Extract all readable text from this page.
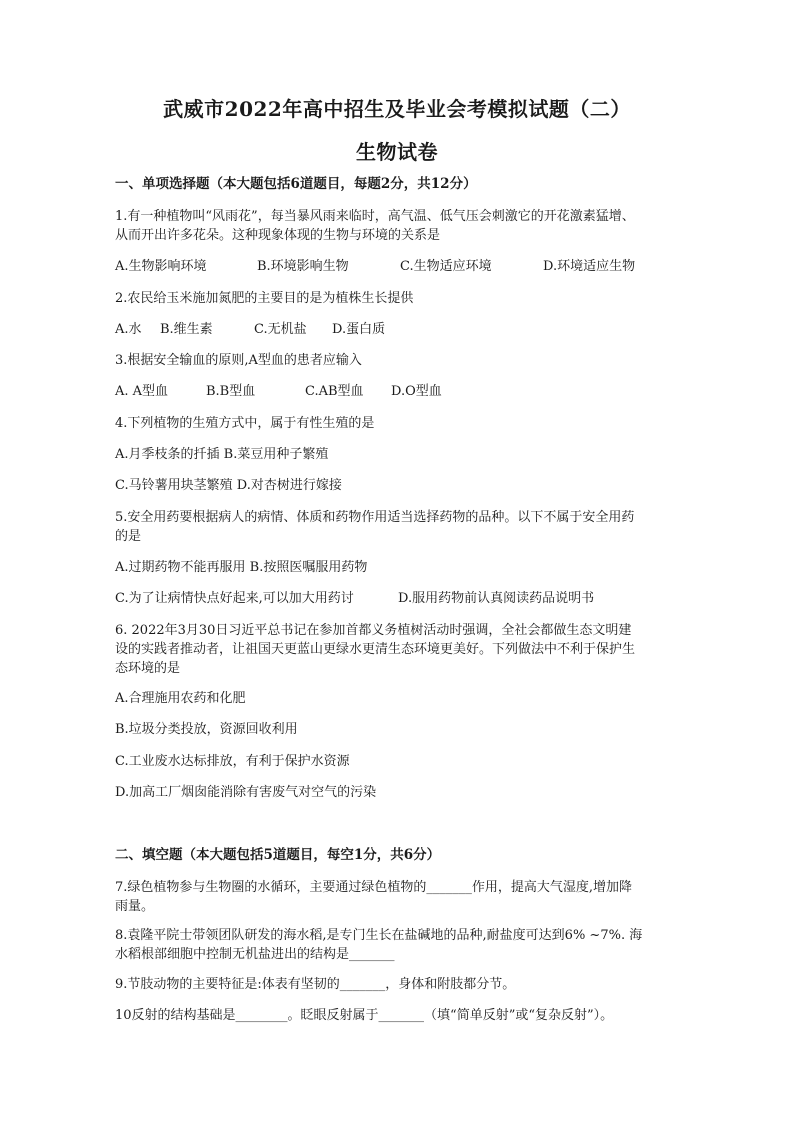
武威市2022年高中招生及毕业会考模拟试题（二）
生物试卷
一、单项选择题（本大题包括6道题目，每题2分，共12分）
1.有一种植物叫“风雨花”，每当暴风雨来临时，高气温、低气压会刺激它的开花激素猛增、
从而开出许多花朵。这种现象体现的生物与环境的关系是
A.生物影响环境	B.环境影响生物	C.生物适应环境	D.环境适应生物
2.农民给玉米施加氮肥的主要目的是为植株生长提供
A.水 B.维生素	C.无机盐 D.蛋白质
3.根据安全输血的原则,A型血的患者应输入
A. A型血	B.B型血	C.AB型血 D.O型血
4.下列植物的生殖方式中，属于有性生殖的是
A.月季枝条的扦插 B.菜豆用种子繁殖
C.马铃薯用块茎繁殖 D.对杏树进行嫁接
5.安全用药要根据病人的病情、体质和药物作用适当选择药物的品种。以下不属于安全用药
的是
A.过期药物不能再服用 B.按照医嘱服用药物
C.为了让病情快点好起来,可以加大用药讨	D.服用药物前认真阅读药品说明书
6. 2022年3月30日习近平总书记在参加首都义务植树活动时强调，全社会都做生态文明建
设的实践者推动者，让祖国天更蓝山更绿水更清生态环境更美好。下列做法中不利于保护生
态环境的是
A.合理施用农药和化肥
B.垃圾分类投放，资源回收利用
C.工业废水达标排放，有利于保护水资源
D.加高工厂烟囱能消除有害废气对空气的污染
二、填空题（本大题包括5道题目，每空1分，共6分）
7.绿色植物参与生物圈的水循环，主要通过绿色植物的_______作用，提高大气湿度,增加降
雨量。
8.袁隆平院士带领团队研发的海水稻,是专门生长在盐碱地的品种,耐盐度可达到6% ~7%. 海
水稻根部细胞中控制无机盐进出的结构是_______
9.节肢动物的主要特征是:体表有坚韧的_______，身体和附肢都分节。
10反射的结构基础是________。眨眼反射属于_______（填“简单反射”或“复杂反射”）。
